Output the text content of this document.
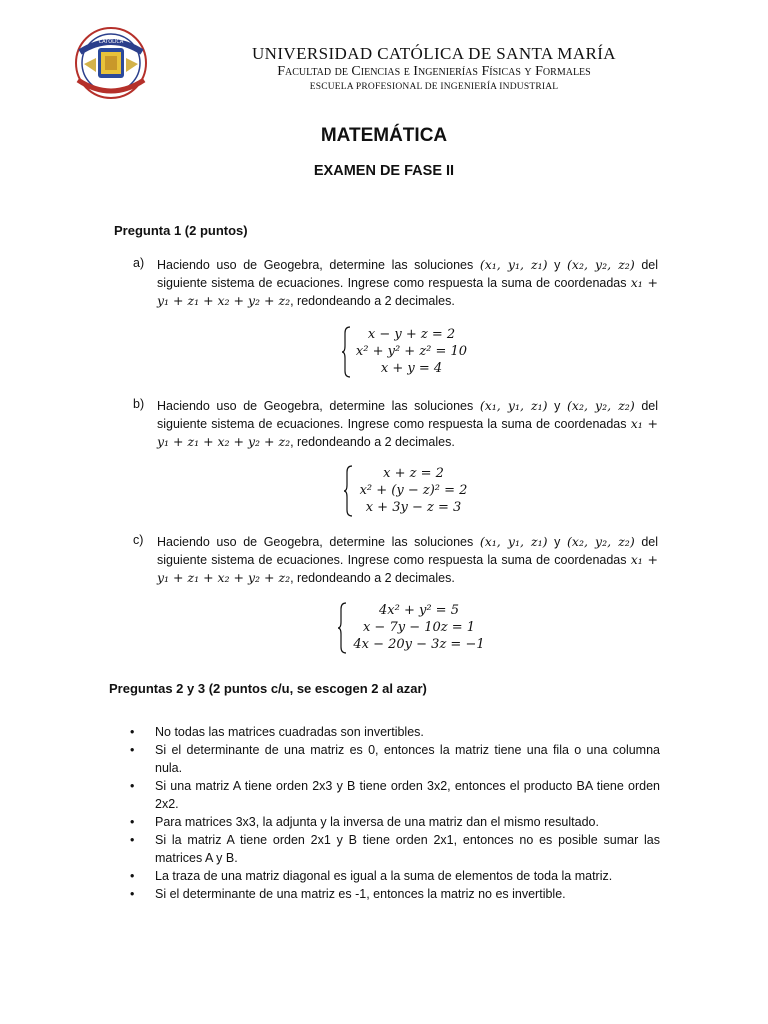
CATOLICA
UNIVERSIDAD CATÓLICA DE SANTA MARÍA
Facultad de Ciencias e Ingenierías Físicas y Formales
ESCUELA PROFESIONAL DE INGENIERÍA INDUSTRIAL
MATEMÁTICA
EXAMEN DE FASE II
Pregunta 1 (2 puntos)
a) Haciendo uso de Geogebra, determine las soluciones (x₁, y₁, z₁) y (x₂, y₂, z₂) del siguiente sistema de ecuaciones. Ingrese como respuesta la suma de coordenadas x₁ + y₁ + z₁ + x₂ + y₂ + z₂, redondeando a 2 decimales.
x − y + z = 2
x² + y² + z² = 10
x + y = 4
b) Haciendo uso de Geogebra, determine las soluciones (x₁, y₁, z₁) y (x₂, y₂, z₂) del siguiente sistema de ecuaciones. Ingrese como respuesta la suma de coordenadas x₁ + y₁ + z₁ + x₂ + y₂ + z₂, redondeando a 2 decimales.
x + z = 2
x² + (y − z)² = 2
x + 3y − z = 3
c) Haciendo uso de Geogebra, determine las soluciones (x₁, y₁, z₁) y (x₂, y₂, z₂) del siguiente sistema de ecuaciones. Ingrese como respuesta la suma de coordenadas x₁ + y₁ + z₁ + x₂ + y₂ + z₂, redondeando a 2 decimales.
4x² + y² = 5
x − 7y − 10z = 1
4x − 20y − 3z = −1
Preguntas 2 y 3 (2 puntos c/u, se escogen 2 al azar)
• No todas las matrices cuadradas son invertibles.
• Si el determinante de una matriz es 0, entonces la matriz tiene una fila o una columna nula.
• Si una matriz A tiene orden 2x3 y B tiene orden 3x2, entonces el producto BA tiene orden 2x2.
• Para matrices 3x3, la adjunta y la inversa de una matriz dan el mismo resultado.
• Si la matriz A tiene orden 2x1 y B tiene orden 2x1, entonces no es posible sumar las matrices A y B.
• La traza de una matriz diagonal es igual a la suma de elementos de toda la matriz.
• Si el determinante de una matriz es -1, entonces la matriz no es invertible.
